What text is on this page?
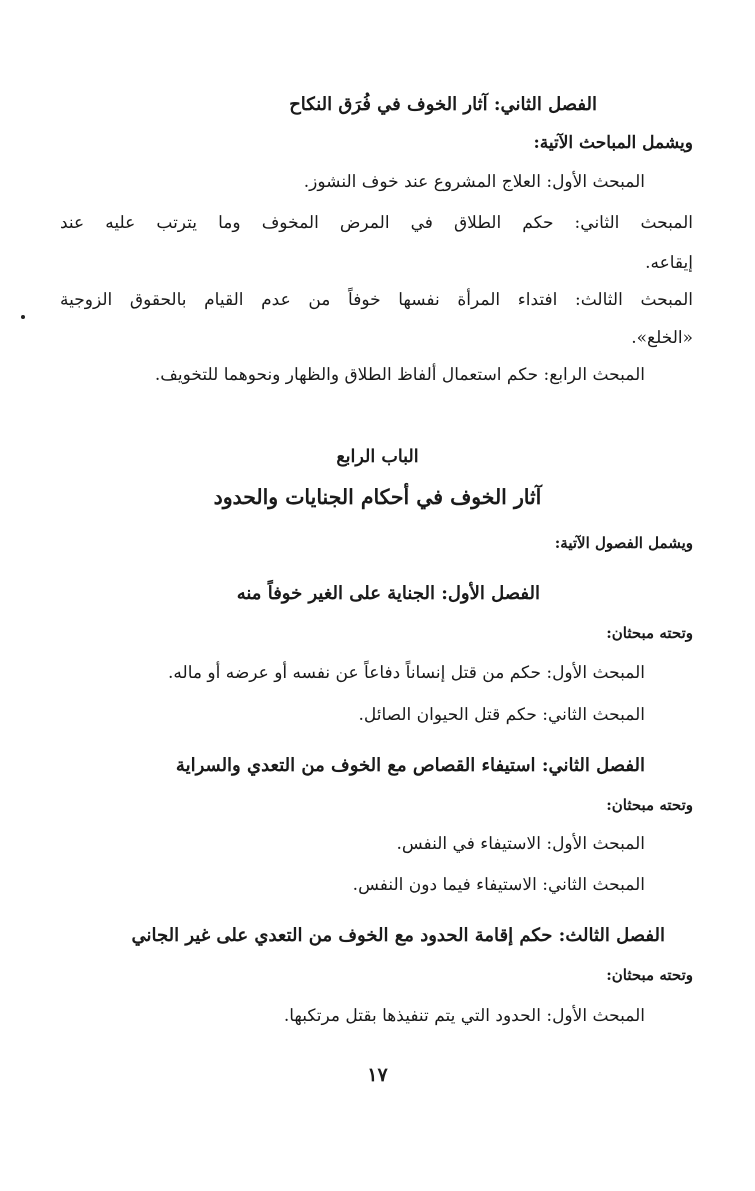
الفصل الثاني: آثار الخوف في فُرَق النكاح
ويشمل المباحث الآتية:
المبحث الأول: العلاج المشروع عند خوف النشوز.
المبحث الثاني: حكم الطلاق في المرض المخوف وما يترتب عليه عند
إيقاعه.
المبحث الثالث: افتداء المرأة نفسها خوفاً من عدم القيام بالحقوق الزوجية
«الخلع».
المبحث الرابع: حكم استعمال ألفاظ الطلاق والظهار ونحوهما للتخويف.
الباب الرابع
آثار الخوف في أحكام الجنايات والحدود
ويشمل الفصول الآتية:
الفصل الأول: الجناية على الغير خوفاً منه
وتحته مبحثان:
المبحث الأول: حكم من قتل إنساناً دفاعاً عن نفسه أو عرضه أو ماله.
المبحث الثاني: حكم قتل الحيوان الصائل.
الفصل الثاني: استيفاء القصاص مع الخوف من التعدي والسراية
وتحته مبحثان:
المبحث الأول: الاستيفاء في النفس.
المبحث الثاني: الاستيفاء فيما دون النفس.
الفصل الثالث: حكم إقامة الحدود مع الخوف من التعدي على غير الجاني
وتحته مبحثان:
المبحث الأول: الحدود التي يتم تنفيذها بقتل مرتكبها.
١٧
